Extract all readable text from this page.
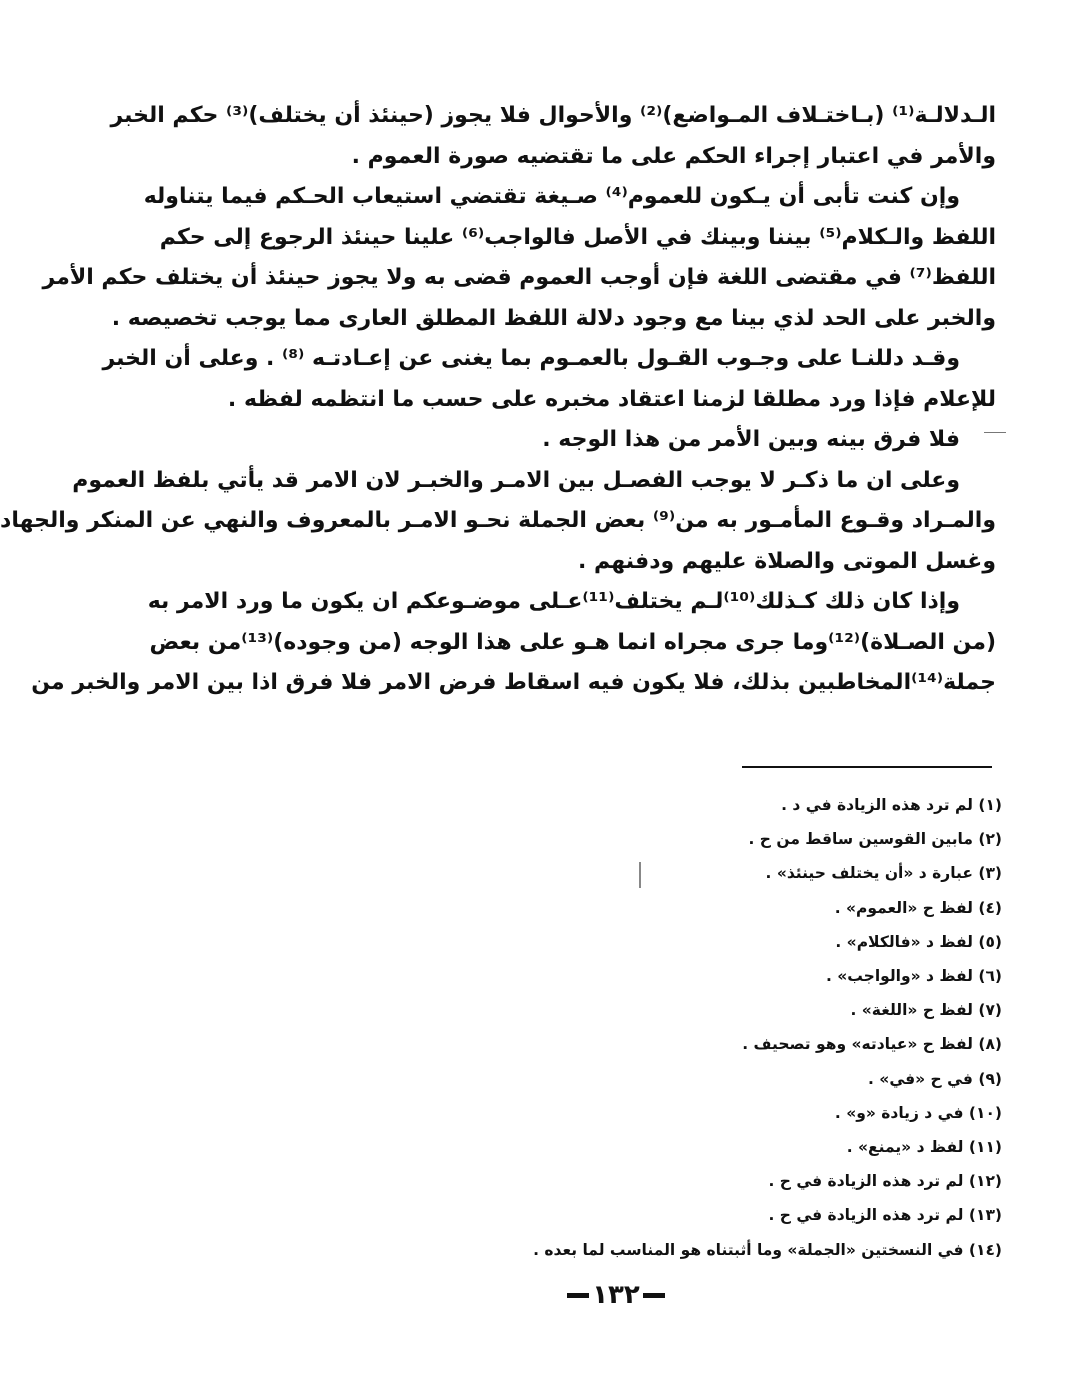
الـدلالـة⁽¹⁾ (بـاختـلاف المـواضع)⁽²⁾ والأحوال فلا يجوز (حينئذ أن يختلف)⁽³⁾ حكم الخبر
والأمر في اعتبار إجراء الحكم على ما تقتضيه صورة العموم .
وإن كنت تأبى أن يـكون للعموم⁽⁴⁾ صـيغة تقتضي استيعاب الحـكم فيما يتناوله
اللفظ والـكلام⁽⁵⁾ بيننا وبينك في الأصل فالواجب⁽⁶⁾ علينا حينئذ الرجوع إلى حكم
اللفظ⁽⁷⁾ في مقتضى اللغة فإن أوجب العموم قضى به ولا يجوز حينئذ أن يختلف حكم الأمر
والخبر على الحد لذي بينا مع وجود دلالة اللفظ المطلق العارى مما يوجب تخصيصه .
وقـد دللنـا على وجـوب القـول بالعمـوم بما يغنى عن إعـادتـه ⁽⁸⁾ . وعلى أن الخبر
للإعلام فإذا ورد مطلقا لزمنا اعتقاد مخبره على حسب ما انتظمه لفظه .
فلا فرق بينه وبين الأمر من هذا الوجه .
وعلى ان ما ذكـر لا يوجب الفصـل بين الامـر والخبـر لان الامر قد يأتي بلفظ العموم
والمـراد وقـوع المأمـور به من⁽⁹⁾ بعض الجملة نحـو الامـر بالمعروف والنهي عن المنكر والجهاد
وغسل الموتى والصلاة عليهم ودفنهم .
وإذا كان ذلك كـذلك⁽¹⁰⁾لـم يختلف⁽¹¹⁾عـلى موضـوعكم ان يكون ما ورد الامر به
(من الصـلاة)⁽¹²⁾وما جرى مجراه انما هـو على هذا الوجه (من وجوده)⁽¹³⁾من بعض
جملة⁽¹⁴⁾المخاطبين بذلك، فلا يكون فيه اسقاط فرض الامر فلا فرق اذا بين الامر والخبر من
(١) لم ترد هذه الزيادة في د .
(٢) مابين القوسين ساقط من ح .
(٣) عبارة د «أن يختلف حينئذ» .
(٤) لفظ ح «العموم» .
(٥) لفظ د «فالكلام» .
(٦) لفظ د «والواجب» .
(٧) لفظ ح «اللغة» .
(٨) لفظ ح «عيادته» وهو تصحيف .
(٩) في ح «في» .
(١٠) في د زيادة «و» .
(١١) لفظ د «يمنع» .
(١٢) لم ترد هذه الزيادة في ح .
(١٣) لم ترد هذه الزيادة في ح .
(١٤) في النسختين «الجملة» وما أثبتناه هو المناسب لما بعده .
١٣٢
